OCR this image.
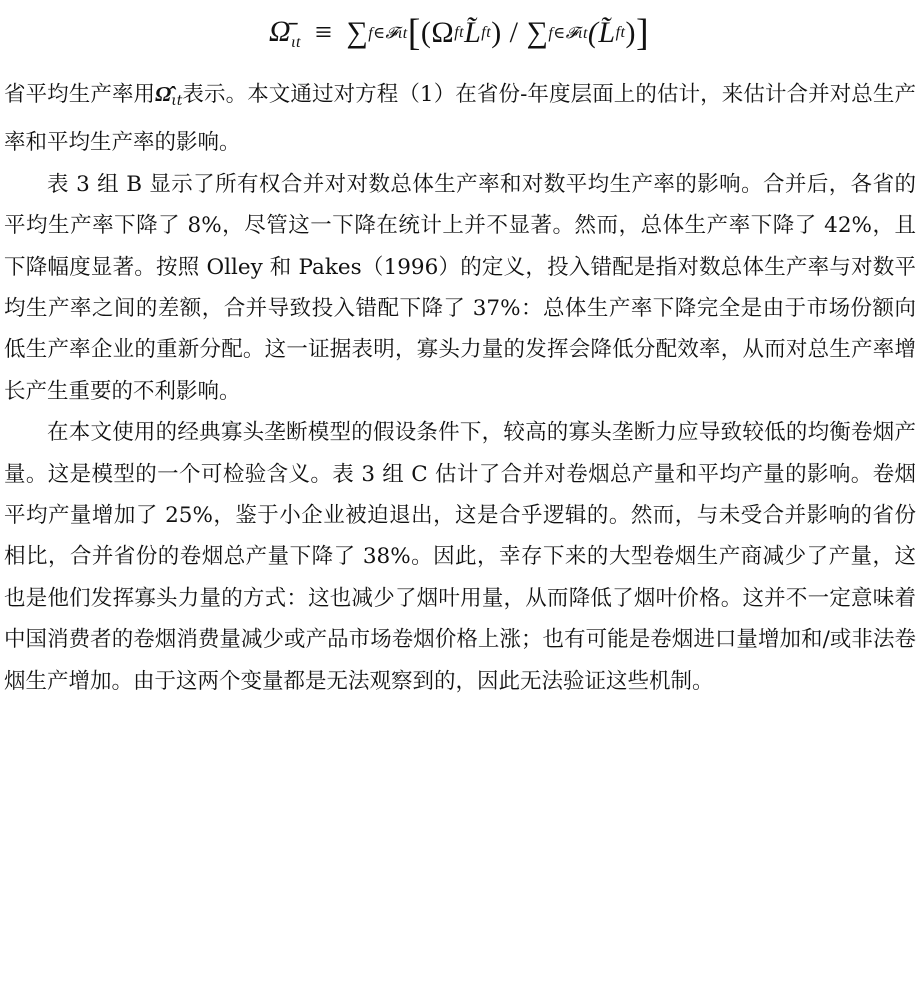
$\Omegā_{\iota t}$ ≡ ∑ f∈𝓕ιt [ (Ω ft L̃ ft ) / ∑ f∈𝓕ιt (L̃ ft ) ]

省平均生产率用Ω̂ιt表示。本文通过对方程（1）在省份-年度层面上的估计，来估计合并对总生产率和平均生产率的影响。

表 3 组 B 显示了所有权合并对对数总体生产率和对数平均生产率的影响。合并后，各省的平均生产率下降了 8%，尽管这一下降在统计上并不显著。然而，总体生产率下降了 42%，且下降幅度显著。按照 Olley 和 Pakes（1996）的定义，投入错配是指对数总体生产率与对数平均生产率之间的差额，合并导致投入错配下降了 37%：总体生产率下降完全是由于市场份额向低生产率企业的重新分配。这一证据表明，寡头力量的发挥会降低分配效率，从而对总生产率增长产生重要的不利影响。

在本文使用的经典寡头垄断模型的假设条件下，较高的寡头垄断力应导致较低的均衡卷烟产量。这是模型的一个可检验含义。表 3 组 C 估计了合并对卷烟总产量和平均产量的影响。卷烟平均产量增加了 25%，鉴于小企业被迫退出，这是合乎逻辑的。然而，与未受合并影响的省份相比，合并省份的卷烟总产量下降了 38%。因此，幸存下来的大型卷烟生产商减少了产量，这也是他们发挥寡头力量的方式：这也减少了烟叶用量，从而降低了烟叶价格。这并不一定意味着中国消费者的卷烟消费量减少或产品市场卷烟价格上涨；也有可能是卷烟进口量增加和/或非法卷烟生产增加。由于这两个变量都是无法观察到的，因此无法验证这些机制。
